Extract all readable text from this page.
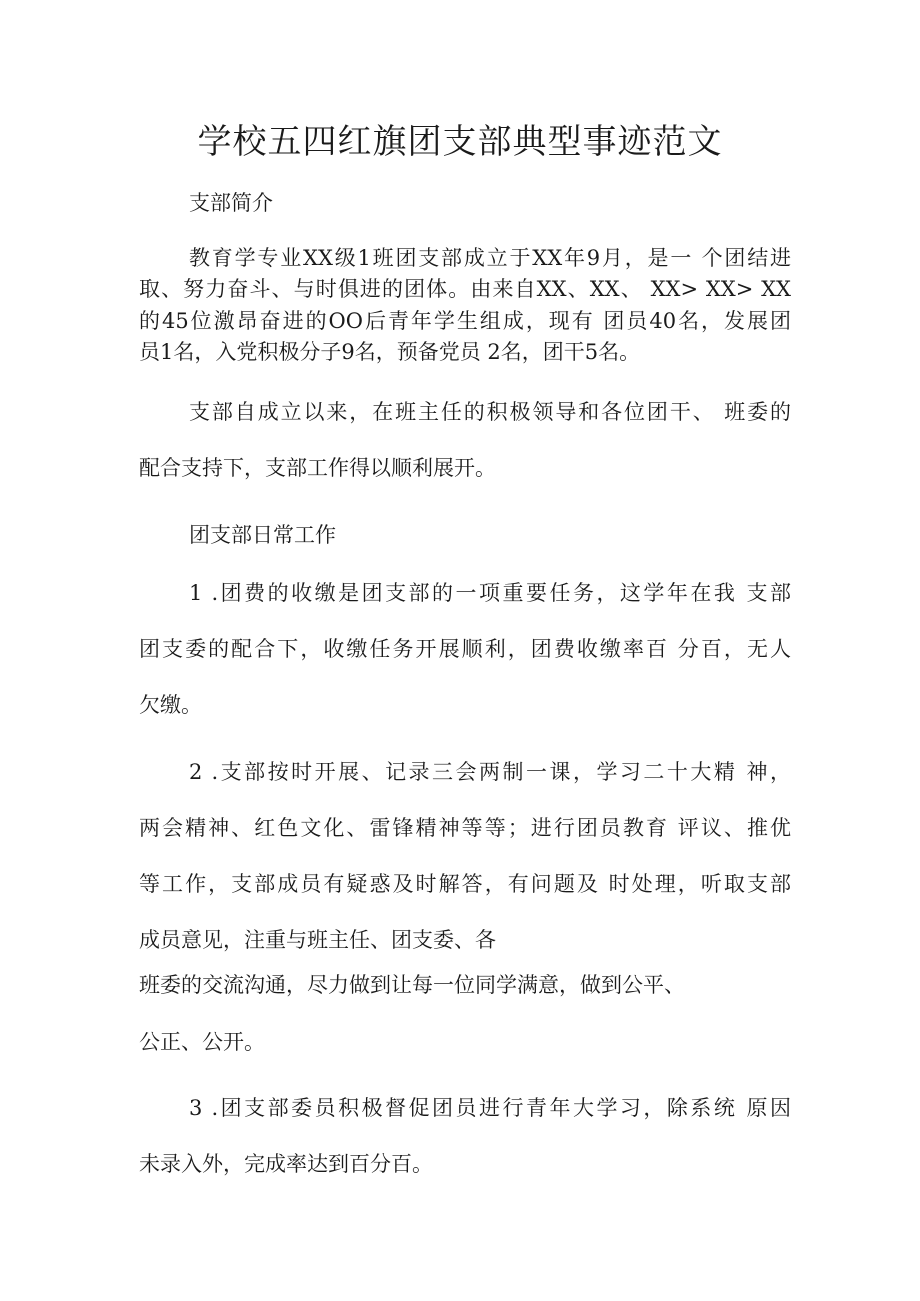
学校五四红旗团支部典型事迹范文

支部简介

教育学专业XX级1班团支部成立于XX年9月，是一 个团结进

取、努力奋斗、与时俱进的团体。由来自XX、XX、 XX> XX> XX

的45位激昂奋进的OO后青年学生组成，现有 团员40名，发展团

员1名，入党积极分子9名，预备党员 2名，团干5名。

支部自成立以来，在班主任的积极领导和各位团干、 班委的

配合支持下，支部工作得以顺利展开。

团支部日常工作

1 .团费的收缴是团支部的一项重要任务，这学年在我 支部

团支委的配合下，收缴任务开展顺利，团费收缴率百 分百，无人

欠缴。

2 .支部按时开展、记录三会两制一课，学习二十大精 神，

两会精神、红色文化、雷锋精神等等；进行团员教育 评议、推优

等工作，支部成员有疑惑及时解答，有问题及 时处理，听取支部

成员意见，注重与班主任、团支委、各

班委的交流沟通，尽力做到让每一位同学满意，做到公平、

公正、公开。

3 .团支部委员积极督促团员进行青年大学习，除系统 原因

未录入外，完成率达到百分百。
